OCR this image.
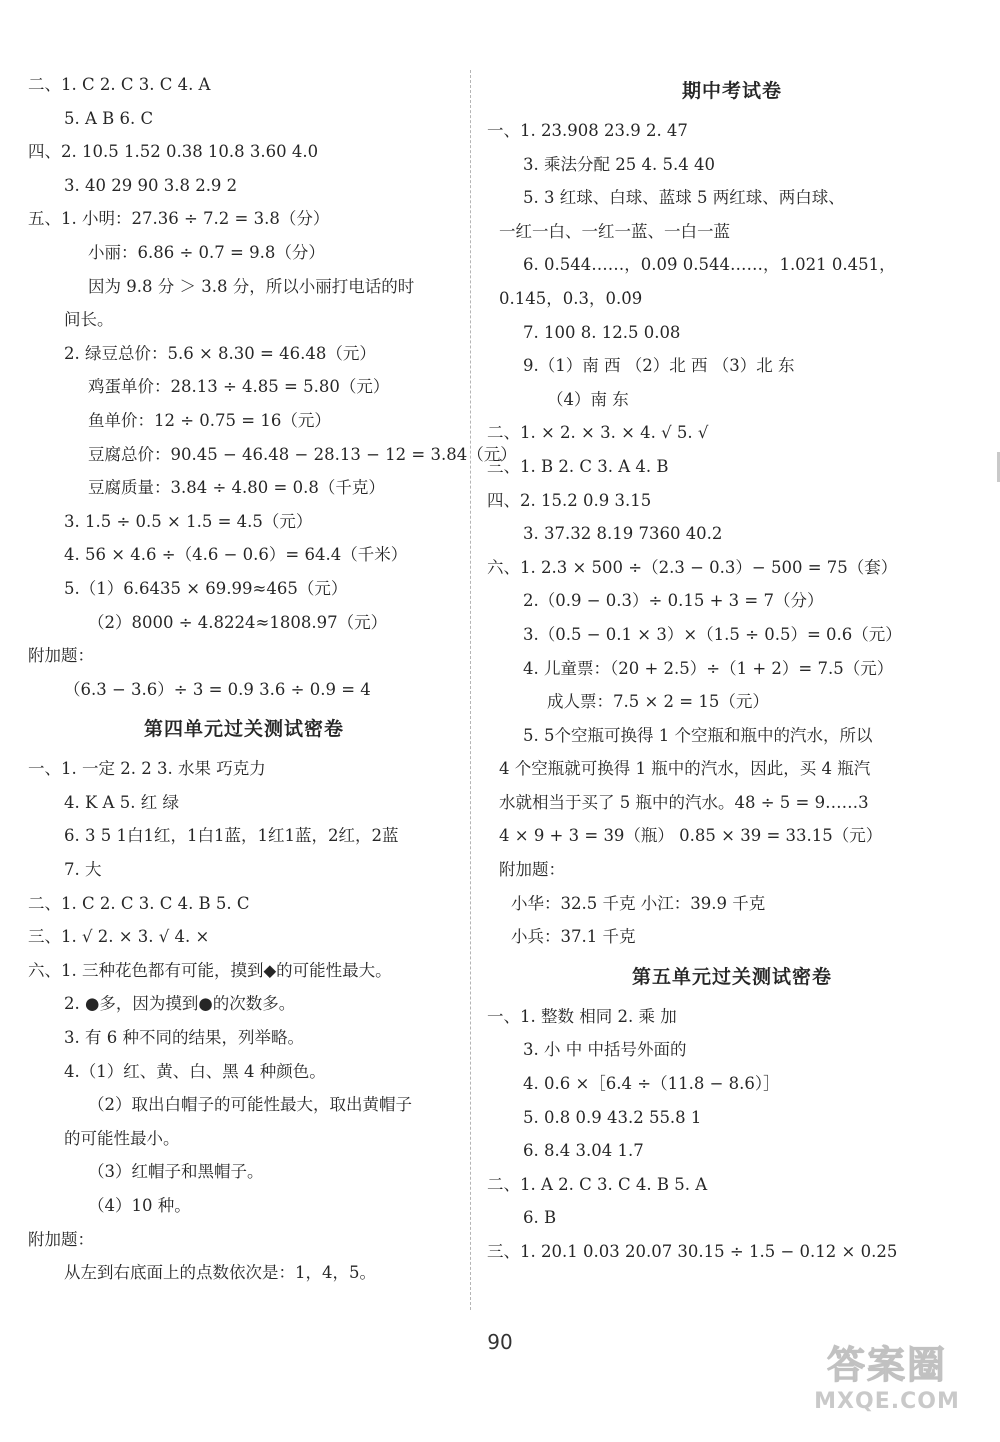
二、1. C 2. C 3. C 4. A
5. A B 6. C
四、2. 10.5 1.52 0.38 10.8 3.60 4.0
3. 40 29 90 3.8 2.9 2
五、1. 小明：27.36 ÷ 7.2 = 3.8（分）
小丽：6.86 ÷ 0.7 = 9.8（分）
因为 9.8 分 ＞ 3.8 分，所以小丽打电话的时
间长。
2. 绿豆总价：5.6 × 8.30 = 46.48（元）
鸡蛋单价：28.13 ÷ 4.85 = 5.80（元）
鱼单价：12 ÷ 0.75 = 16（元）
豆腐总价：90.45 − 46.48 − 28.13 − 12 = 3.84（元）
豆腐质量：3.84 ÷ 4.80 = 0.8（千克）
3. 1.5 ÷ 0.5 × 1.5 = 4.5（元）
4. 56 × 4.6 ÷（4.6 − 0.6）= 64.4（千米）
5.（1）6.6435 × 69.99≈465（元）
（2）8000 ÷ 4.8224≈1808.97（元）
附加题：
（6.3 − 3.6）÷ 3 = 0.9 3.6 ÷ 0.9 = 4
第四单元过关测试密卷
一、1. 一定 2. 2 3. 水果 巧克力
4. K A 5. 红 绿
6. 3 5 1白1红，1白1蓝，1红1蓝，2红，2蓝
7. 大
二、1. C 2. C 3. C 4. B 5. C
三、1. √ 2. × 3. √ 4. ×
六、1. 三种花色都有可能，摸到◆的可能性最大。
2. ●多，因为摸到●的次数多。
3. 有 6 种不同的结果，列举略。
4.（1）红、黄、白、黑 4 种颜色。
（2）取出白帽子的可能性最大，取出黄帽子
的可能性最小。
（3）红帽子和黑帽子。
（4）10 种。
附加题：
从左到右底面上的点数依次是：1，4，5。
期中考试卷
一、1. 23.908 23.9 2. 47
3. 乘法分配 25 4. 5.4 40
5. 3 红球、白球、蓝球 5 两红球、两白球、
一红一白、一红一蓝、一白一蓝
6. 0.544……，0.0̇9̇ 0.544……，1.021 0.451，
0.145，0.3，0.0̇9̇
7. 100 8. 12.5 0.08
9.（1）南 西 （2）北 西 （3）北 东
（4）南 东
二、1. × 2. × 3. × 4. √ 5. √
三、1. B 2. C 3. A 4. B
四、2. 15.2 0.9 3.15
3. 37.32 8.19 7360 40.2
六、1. 2.3 × 500 ÷（2.3 − 0.3）− 500 = 75（套）
2.（0.9 − 0.3）÷ 0.15 + 3 = 7（分）
3.（0.5 − 0.1 × 3）×（1.5 ÷ 0.5）= 0.6（元）
4. 儿童票：（20 + 2.5）÷（1 + 2）= 7.5（元）
成人票：7.5 × 2 = 15（元）
5. 5个空瓶可换得 1 个空瓶和瓶中的汽水，所以
4 个空瓶就可换得 1 瓶中的汽水，因此，买 4 瓶汽
水就相当于买了 5 瓶中的汽水。48 ÷ 5 = 9……3
4 × 9 + 3 = 39（瓶） 0.85 × 39 = 33.15（元）
附加题：
小华：32.5 千克 小江：39.9 千克
小兵：37.1 千克
第五单元过关测试密卷
一、1. 整数 相同 2. 乘 加
3. 小 中 中括号外面的
4. 0.6 ×［6.4 ÷（11.8 − 8.6）］
5. 0.8 0.9 43.2 55.8 1
6. 8.4 3.04 1.7
二、1. A 2. C 3. C 4. B 5. A
6. B
三、1. 20.1 0.03 20.07 30.15 ÷ 1.5 − 0.12 × 0.25
90
答案圈
MXQE.COM
